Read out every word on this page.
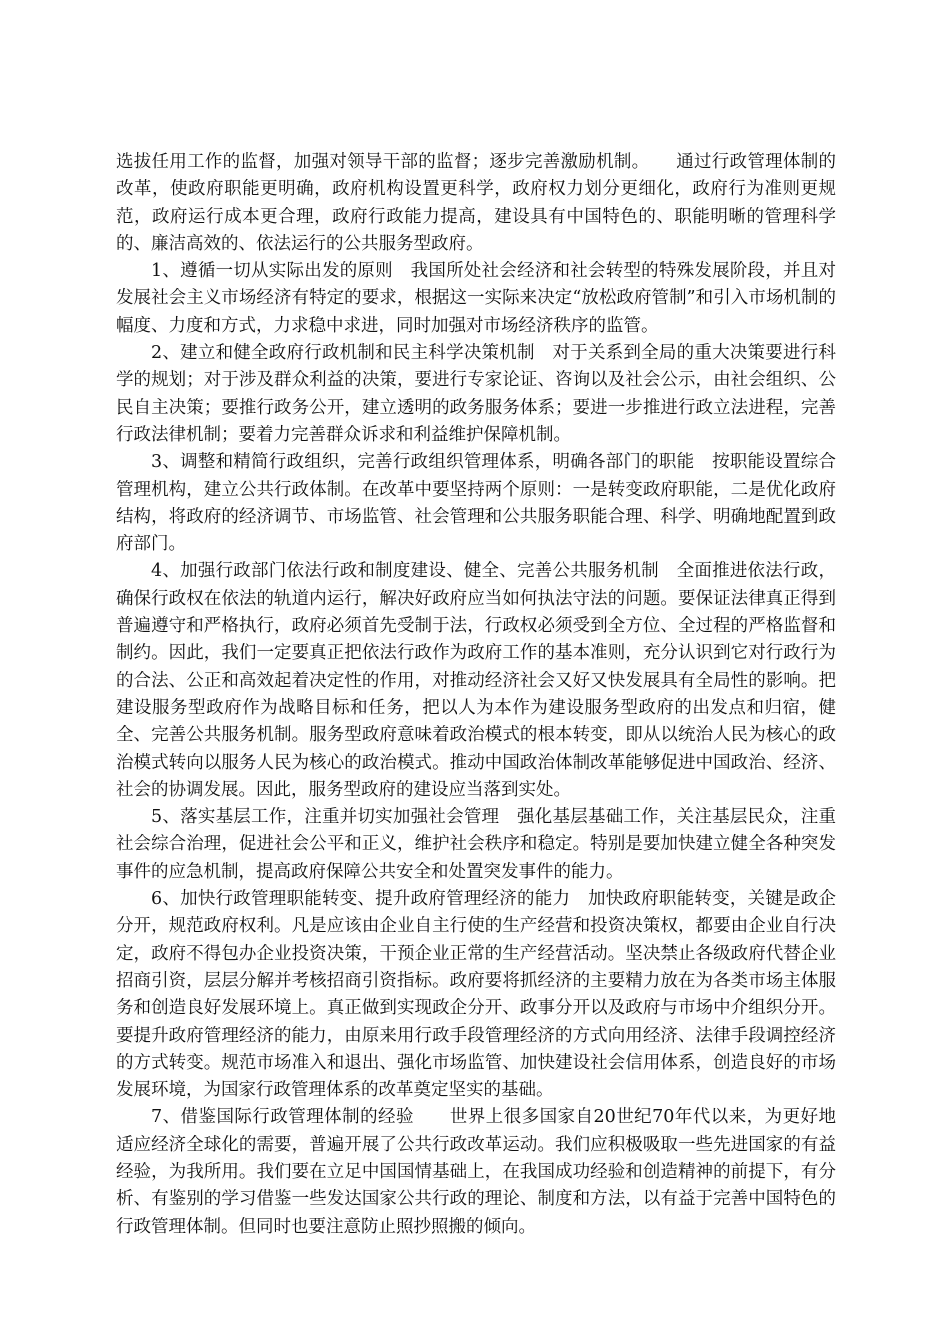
选拔任用工作的监督，加强对领导干部的监督；逐步完善激励机制。　　通过行政管理体制的改革，使政府职能更明确，政府机构设置更科学，政府权力划分更细化，政府行为准则更规范，政府运行成本更合理，政府行政能力提高，建设具有中国特色的、职能明晰的管理科学的、廉洁高效的、依法运行的公共服务型政府。

1、遵循一切从实际出发的原则　我国所处社会经济和社会转型的特殊发展阶段，并且对发展社会主义市场经济有特定的要求，根据这一实际来决定“放松政府管制”和引入市场机制的幅度、力度和方式，力求稳中求进，同时加强对市场经济秩序的监管。

2、建立和健全政府行政机制和民主科学决策机制　对于关系到全局的重大决策要进行科学的规划；对于涉及群众利益的决策，要进行专家论证、咨询以及社会公示，由社会组织、公民自主决策；要推行政务公开，建立透明的政务服务体系；要进一步推进行政立法进程，完善行政法律机制；要着力完善群众诉求和利益维护保障机制。

3、调整和精简行政组织，完善行政组织管理体系，明确各部门的职能　按职能设置综合管理机构，建立公共行政体制。在改革中要坚持两个原则：一是转变政府职能，二是优化政府结构，将政府的经济调节、市场监管、社会管理和公共服务职能合理、科学、明确地配置到政府部门。

4、加强行政部门依法行政和制度建设、健全、完善公共服务机制　全面推进依法行政，确保行政权在依法的轨道内运行，解决好政府应当如何执法守法的问题。要保证法律真正得到普遍遵守和严格执行，政府必须首先受制于法，行政权必须受到全方位、全过程的严格监督和制约。因此，我们一定要真正把依法行政作为政府工作的基本准则，充分认识到它对行政行为的合法、公正和高效起着决定性的作用，对推动经济社会又好又快发展具有全局性的影响。把建设服务型政府作为战略目标和任务，把以人为本作为建设服务型政府的出发点和归宿，健全、完善公共服务机制。服务型政府意味着政治模式的根本转变，即从以统治人民为核心的政治模式转向以服务人民为核心的政治模式。推动中国政治体制改革能够促进中国政治、经济、社会的协调发展。因此，服务型政府的建设应当落到实处。

5、落实基层工作，注重并切实加强社会管理　强化基层基础工作，关注基层民众，注重社会综合治理，促进社会公平和正义，维护社会秩序和稳定。特别是要加快建立健全各种突发事件的应急机制，提高政府保障公共安全和处置突发事件的能力。

6、加快行政管理职能转变、提升政府管理经济的能力　加快政府职能转变，关键是政企分开，规范政府权利。凡是应该由企业自主行使的生产经营和投资决策权，都要由企业自行决定，政府不得包办企业投资决策，干预企业正常的生产经营活动。坚决禁止各级政府代替企业招商引资，层层分解并考核招商引资指标。政府要将抓经济的主要精力放在为各类市场主体服务和创造良好发展环境上。真正做到实现政企分开、政事分开以及政府与市场中介组织分开。要提升政府管理经济的能力，由原来用行政手段管理经济的方式向用经济、法律手段调控经济的方式转变。规范市场准入和退出、强化市场监管、加快建设社会信用体系，创造良好的市场发展环境，为国家行政管理体系的改革奠定坚实的基础。

7、借鉴国际行政管理体制的经验　　世界上很多国家自20世纪70年代以来，为更好地适应经济全球化的需要，普遍开展了公共行政改革运动。我们应积极吸取一些先进国家的有益经验，为我所用。我们要在立足中国国情基础上，在我国成功经验和创造精神的前提下，有分析、有鉴别的学习借鉴一些发达国家公共行政的理论、制度和方法，以有益于完善中国特色的行政管理体制。但同时也要注意防止照抄照搬的倾向。
